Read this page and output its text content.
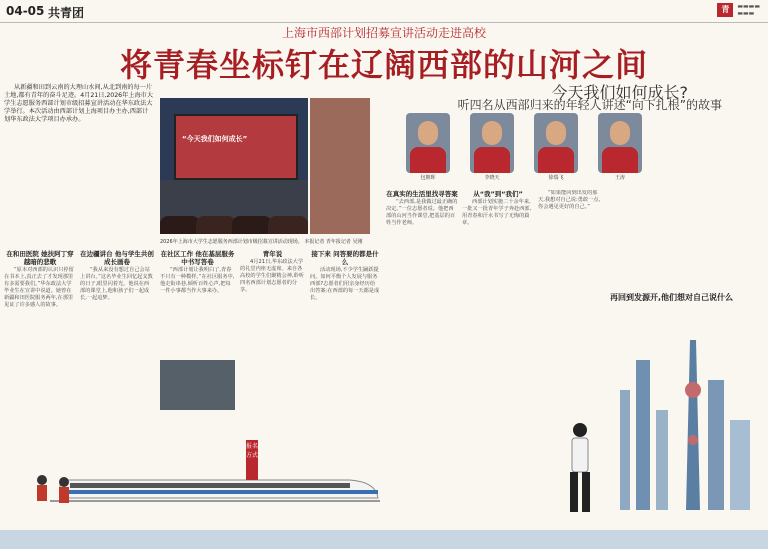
04-05 共青团	青	▬▬▬▬
▬▬▬
上海市西部计划招募宣讲活动走进高校
将青春坐标钉在辽阔西部的山河之间
今天我们如何成长?
听四名从西部归来的年轻人讲述“向下扎根”的故事

从新疆和田到云南的大理山水间,从北到南的每一片土地,都有青年的奋斗足迹。4月21日,2026年上海市大学生志愿服务西部计划市级招募宣讲活动在华东政法大学举行。本次活动由西部计划上海项目办主办,西部计划华东政法大学项目办承办。

“今天我们如何成长”
2026年上海市大学生志愿服务西部计划市级招募宣讲活动现场。 本报记者 青年报记者 吴刚

在和田医院 她扶阿丁穿越暗的悲歌

“原本对西部的认识只停留在书本上,真正去了才发现那里有多需要我们。”华东政法大学毕业生在宣讲中说道。她曾在新疆和田医院服务两年,在那里见证了许多感人的故事。

在边疆讲台 他与学生共创成长画卷

“我从来没有想过自己会站上讲台。”这名毕业生回忆起支教的日子,眼里闪着光。他说在西部的课堂上,他和孩子们一起成长,一起追梦。

在社区工作 他在基层服务中书写答卷

“西部计划让我明白了,青春不只有一种模样。”在社区服务中,他走街串巷,倾听百姓心声,把每一件小事都当作大事来办。

青年说

4月21日,华东政法大学的礼堂内座无虚席。来自各高校的学生们聚精会神,聆听四名西部计划志愿者的分享。

接下来 问答要的都是什么

活动现场,不少学生踊跃提问。如何平衡个人发展与服务西部?志愿者们用亲身经历给出答案:在西部的每一天都是成长。

包朝晖	李晓天	徐瑞飞	王涛

在真实的生活里找寻答案

“去西部,是我做过最正确的决定。”一位志愿者说。他把西部的山河当作课堂,把基层的百姓当作老师。

从“我”到“我们”

西部计划实施二十余年来,一批又一批青年学子奔赴西部,用青春和汗水书写了无悔的篇章。

“如果能回到出发的那天,我想对自己说:勇敢一点,你会遇见更好的自己。”

再回到发源开,他们想对自己说什么
报名方式
